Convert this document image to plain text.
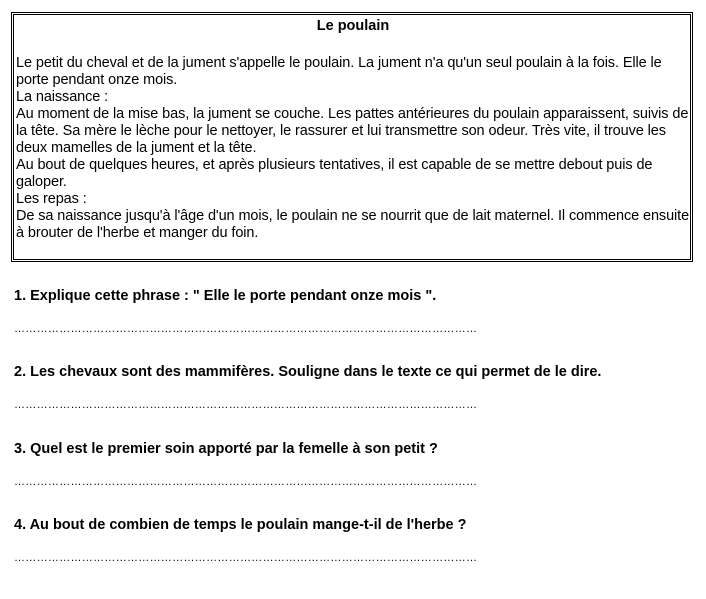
Le poulain

Le petit du cheval et de la jument s'appelle le poulain. La jument n'a qu'un seul poulain à la fois. Elle le porte pendant onze mois.

La naissance :

Au moment de la mise bas, la jument se couche. Les pattes antérieures du poulain apparaissent, suivis de la tête. Sa mère le lèche pour le nettoyer, le rassurer et lui transmettre son odeur. Très vite, il trouve les deux mamelles de la jument et la tête.

Au bout de quelques heures, et après plusieurs tentatives, il est capable de se mettre debout puis de galoper.

Les repas :

De sa naissance jusqu'à l'âge d'un mois, le poulain ne se nourrit que de lait maternel. Il commence ensuite à brouter de l'herbe et manger du foin.

1. Explique cette phrase : " Elle le porte pendant onze mois ".

……………………………………………………………………………………………………………

2. Les chevaux sont des mammifères. Souligne dans le texte ce qui permet de le dire.

……………………………………………………………………………………………………………

3. Quel est le premier soin apporté par la femelle à son petit ?

……………………………………………………………………………………………………………

4. Au bout de combien de temps le poulain mange-t-il de l'herbe ?

……………………………………………………………………………………………………………
